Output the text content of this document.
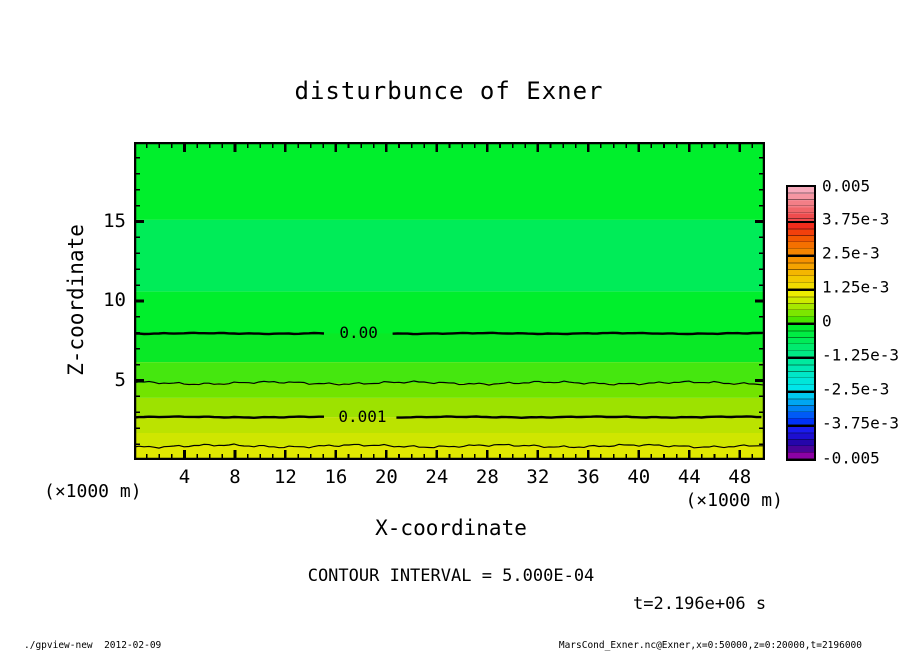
disturbunce of Exner
0.00
0.001
5
10
15
4 8 12 16 20 24 28 32 36 40 44 48
Z-coordinate
X-coordinate
(×1000 m)	(×1000 m)
CONTOUR INTERVAL = 5.000E-04
t=2.196e+06 s
0.005
3.75e-3
2.5e-3
1.25e-3
0
-1.25e-3
-2.5e-3
-3.75e-3
-0.005
./gpview-new  2012-02-09	MarsCond_Exner.nc@Exner,x=0:50000,z=0:20000,t=2196000
